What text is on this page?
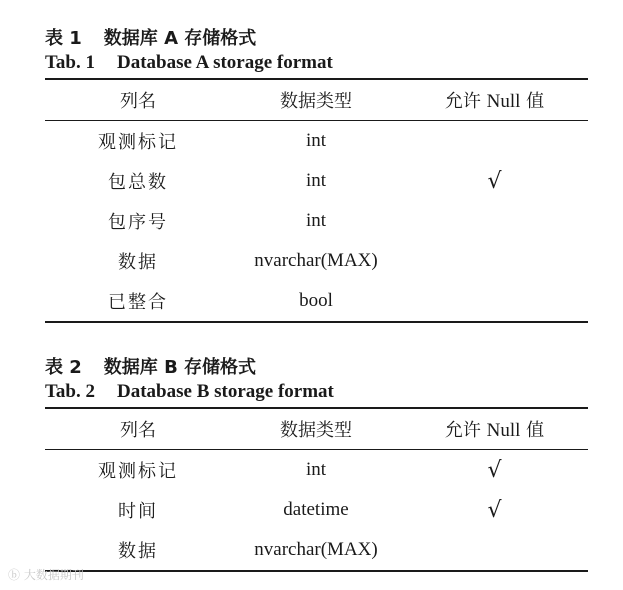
表 1 数据库 A 存储格式
Tab. 1 Database A storage format
列名	数据类型	允许 Null 值
观测标记	int	
包总数	int	√
包序号	int	
数据	nvarchar(MAX)	
已整合	bool	
表 2 数据库 B 存储格式
Tab. 2 Database B storage format
列名	数据类型	允许 Null 值
观测标记	int	√
时间	datetime	√
数据	nvarchar(MAX)	
ⓑ 大数据期刊
